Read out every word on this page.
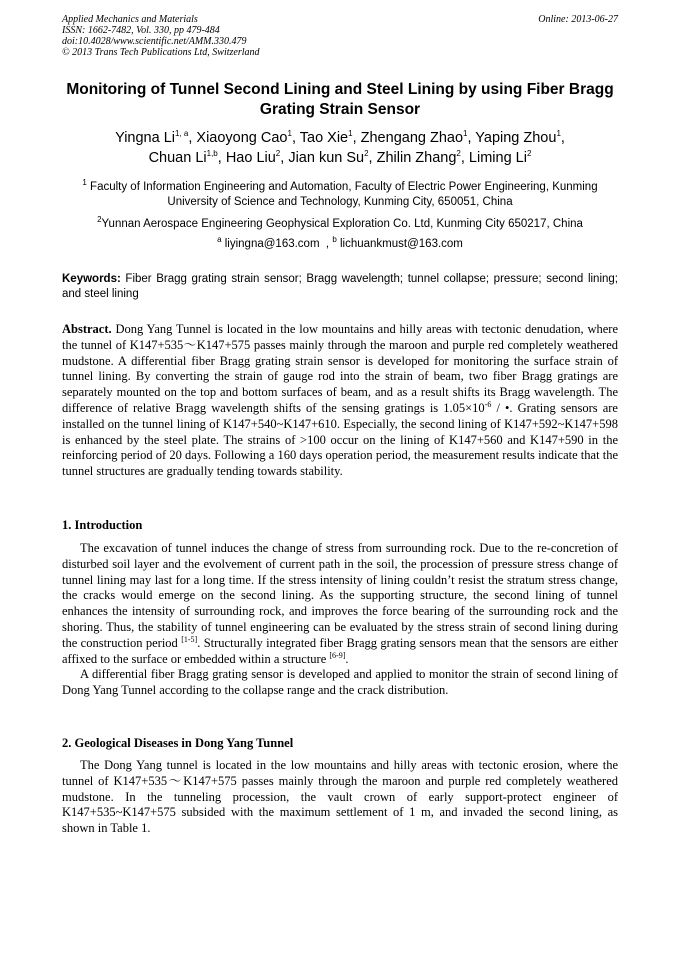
Applied Mechanics and Materials
ISSN: 1662-7482, Vol. 330, pp 479-484
doi:10.4028/www.scientific.net/AMM.330.479
© 2013 Trans Tech Publications Ltd, Switzerland
Online: 2013-06-27
Monitoring of Tunnel Second Lining and Steel Lining by using Fiber Bragg Grating Strain Sensor
Yingna Li$^{1, a}$, Xiaoyong Cao$^1$, Tao Xie$^1$, Zhengang Zhao$^1$, Yaping Zhou$^1$,
Chuan Li$^{1,b}$, Hao Liu$^2$, Jian kun Su$^2$, Zhilin Zhang$^2$, Liming Li$^2$
$^1$ Faculty of Information Engineering and Automation, Faculty of Electric Power Engineering, Kunming University of Science and Technology, Kunming City, 650051, China
$^2$Yunnan Aerospace Engineering Geophysical Exploration Co. Ltd, Kunming City 650217, China
$^a$ liyingna@163.com , $^b$ lichuankmust@163.com
Keywords: Fiber Bragg grating strain sensor; Bragg wavelength; tunnel collapse; pressure; second lining; and steel lining

Abstract. Dong Yang Tunnel is located in the low mountains and hilly areas with tectonic denudation, where the tunnel of K147+535～K147+575 passes mainly through the maroon and purple red completely weathered mudstone. A differential fiber Bragg grating strain sensor is developed for monitoring the surface strain of tunnel lining. By converting the strain of gauge rod into the strain of beam, two fiber Bragg gratings are separately mounted on the top and bottom surfaces of beam, and as a result shifts its Bragg wavelength. The difference of relative Bragg wavelength shifts of the sensing gratings is 1.05×10$^{-6}$ / •. Grating sensors are installed on the tunnel lining of K147+540~K147+610. Especially, the second lining of K147+592~K147+598 is enhanced by the steel plate. The strains of >100 occur on the lining of K147+560 and K147+590 in the reinforcing period of 20 days. Following a 160 days operation period, the measurement results indicate that the tunnel structures are gradually tending towards stability.

1. Introduction

The excavation of tunnel induces the change of stress from surrounding rock. Due to the re-concretion of disturbed soil layer and the evolvement of current path in the soil, the procession of pressure stress change of tunnel lining may last for a long time. If the stress intensity of lining couldn’t resist the stratum stress change, the cracks would emerge on the second lining. As the supporting structure, the second lining of tunnel enhances the intensity of surrounding rock, and improves the force bearing of the surrounding rock and the shoring. Thus, the stability of tunnel engineering can be evaluated by the stress strain of second lining during the construction period [1-5]. Structurally integrated fiber Bragg grating sensors mean that the sensors are either affixed to the surface or embedded within a structure [6-9].

A differential fiber Bragg grating sensor is developed and applied to monitor the strain of second lining of Dong Yang Tunnel according to the collapse range and the crack distribution.

2. Geological Diseases in Dong Yang Tunnel

The Dong Yang tunnel is located in the low mountains and hilly areas with tectonic erosion, where the tunnel of K147+535～K147+575 passes mainly through the maroon and purple red completely weathered mudstone. In the tunneling procession, the vault crown of early support-protect engineer of K147+535~K147+575 subsided with the maximum settlement of 1 m, and invaded the second lining, as shown in Table 1.
